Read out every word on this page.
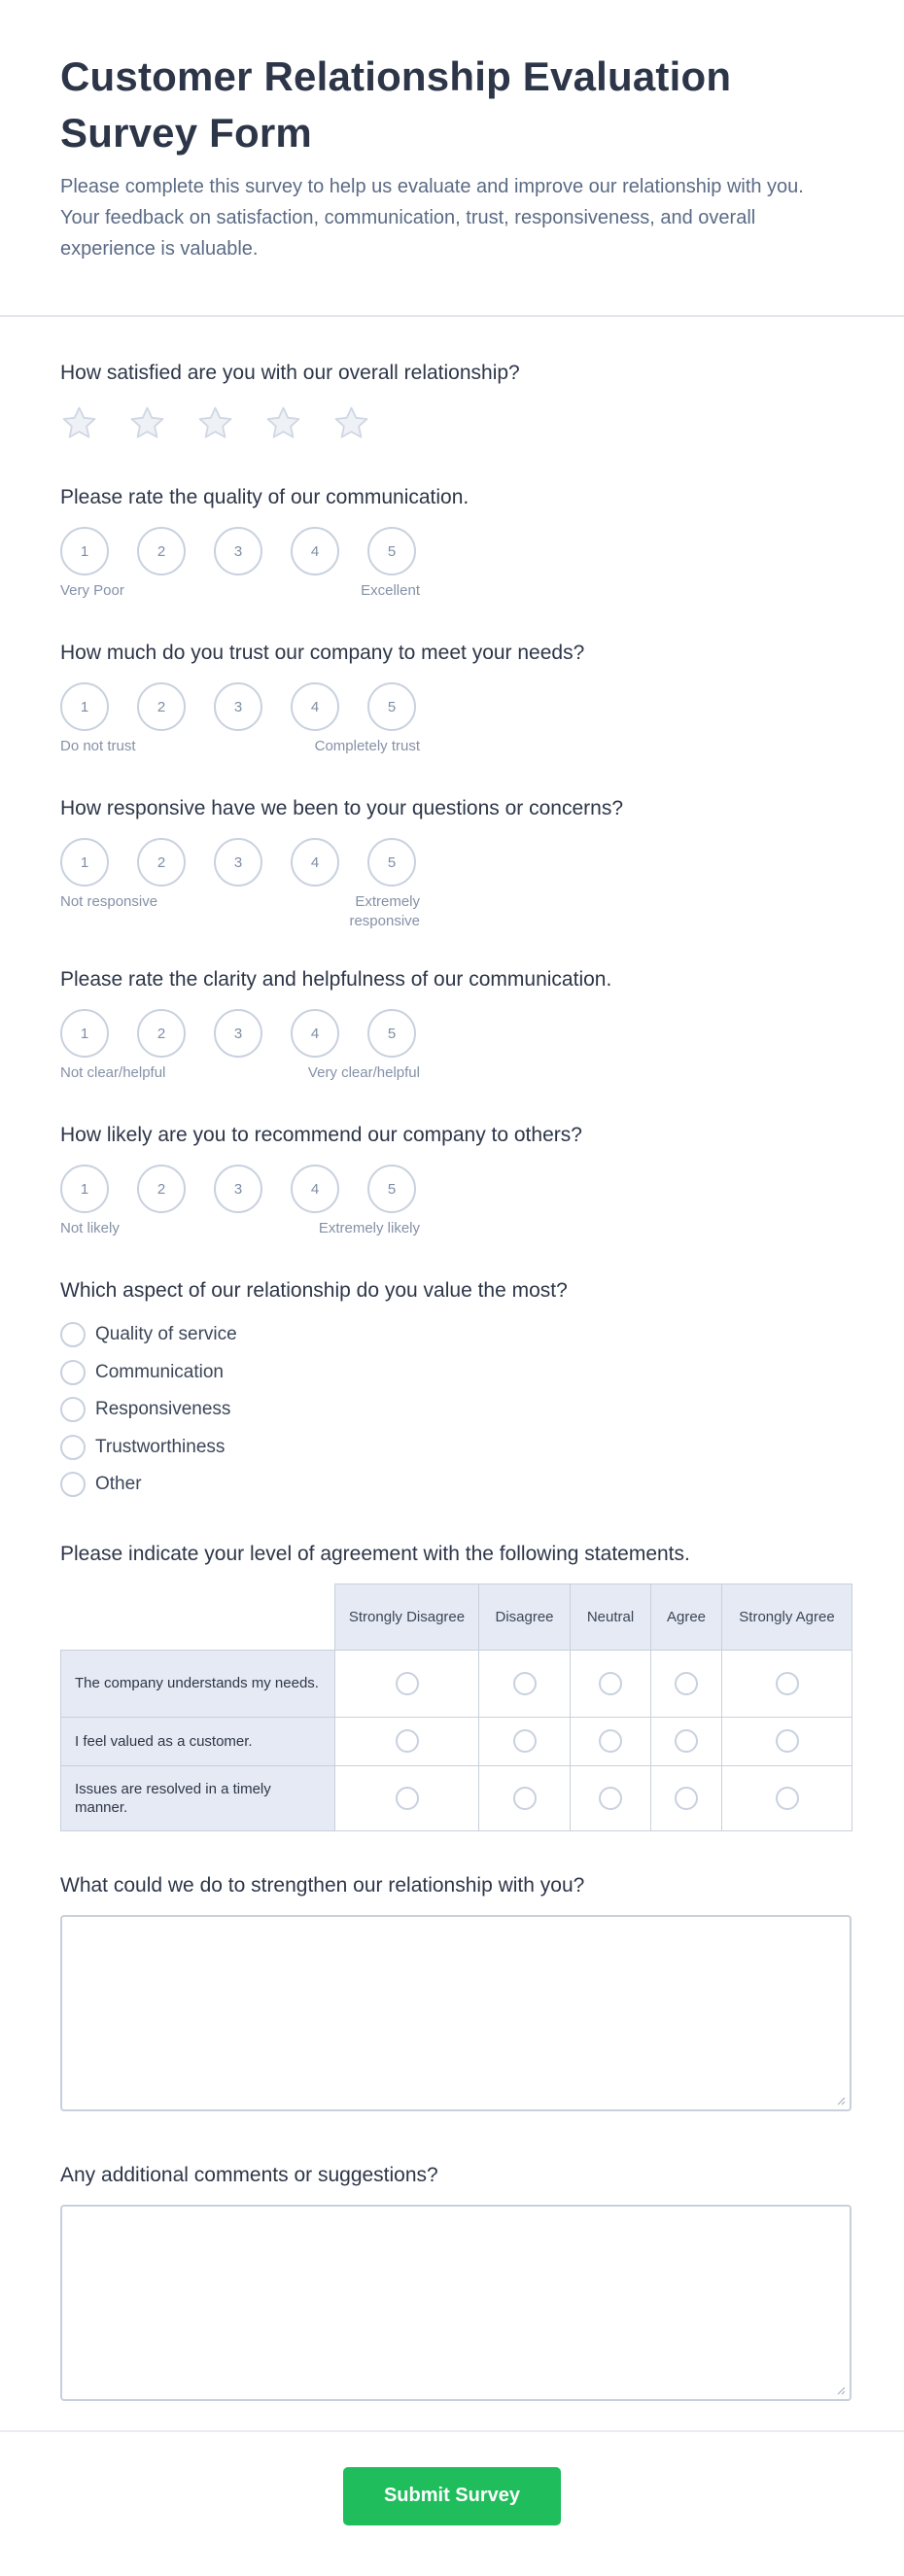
Customer Relationship Evaluation Survey Form

Please complete this survey to help us evaluate and improve our relationship with you. Your feedback on satisfaction, communication, trust, responsiveness, and overall experience is valuable.

How satisfied are you with our overall relationship?
Please rate the quality of our communication.
1	2	3	4	5
Very Poor	Excellent
How much do you trust our company to meet your needs?
1	2	3	4	5
Do not trust	Completely trust
How responsive have we been to your questions or concerns?
1	2	3	4	5
Not responsive	Extremely responsive
Please rate the clarity and helpfulness of our communication.
1	2	3	4	5
Not clear/helpful	Very clear/helpful
How likely are you to recommend our company to others?
1	2	3	4	5
Not likely	Extremely likely
Which aspect of our relationship do you value the most?
Quality of service
Communication
Responsiveness
Trustworthiness
Other
Please indicate your level of agreement with the following statements.
	Strongly Disagree	Disagree	Neutral	Agree	Strongly Agree
The company understands my needs.					
I feel valued as a customer.					
Issues are resolved in a timely manner.					
What could we do to strengthen our relationship with you?
Any additional comments or suggestions?
Submit Survey
